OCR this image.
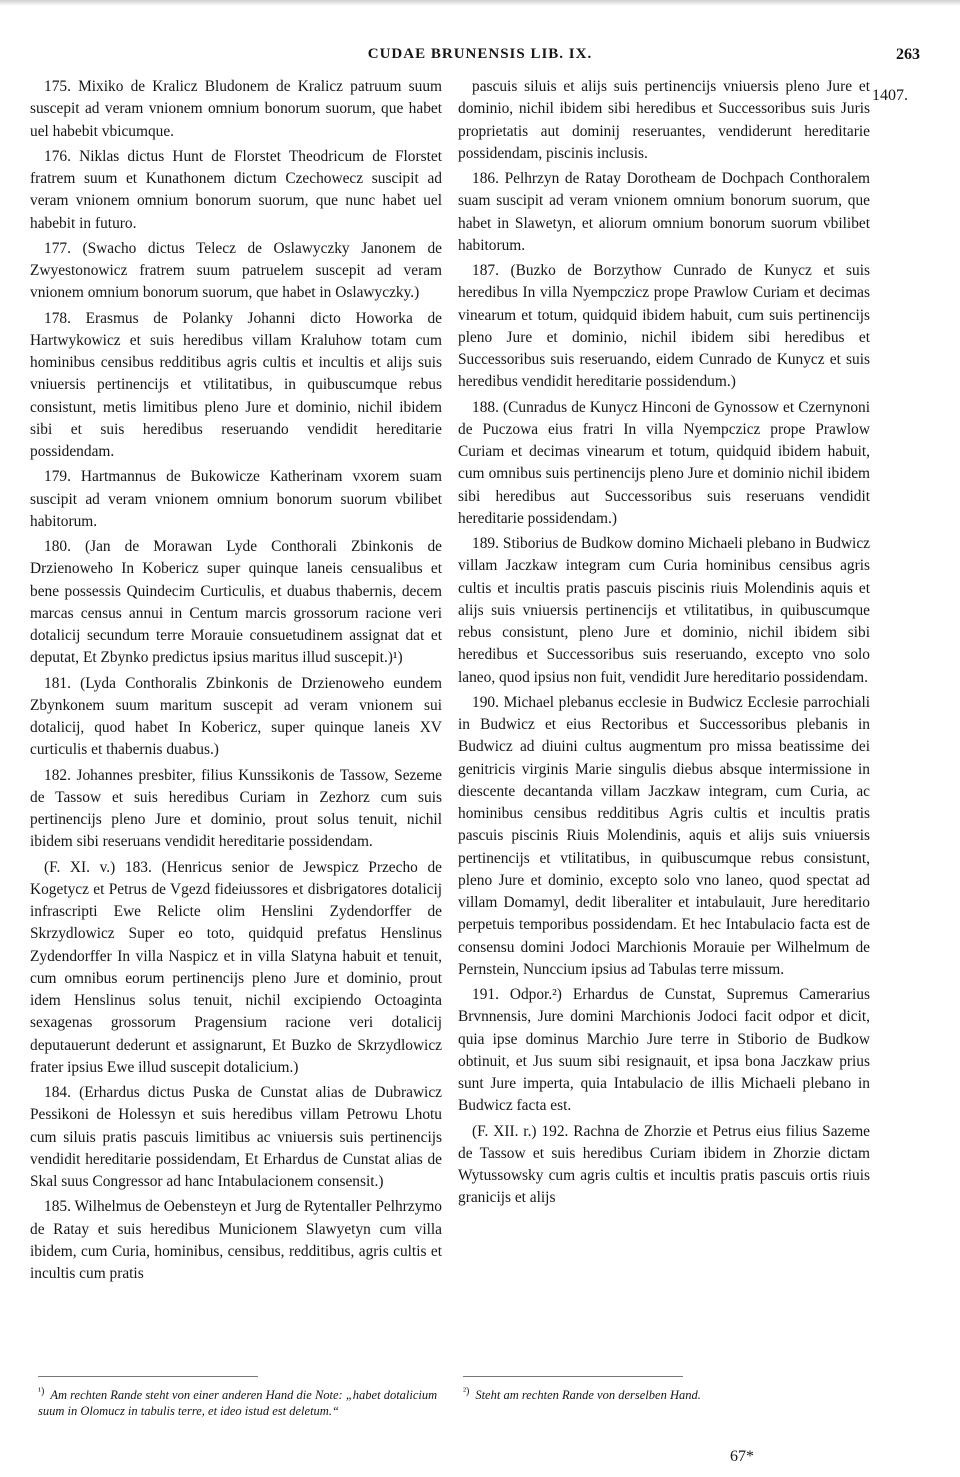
CUDAE BRUNENSIS LIB. IX.	263
1407.

175. Mixiko de Kralicz Bludonem de Kralicz patruum suum suscepit ad veram vnionem omnium bonorum suorum, que habet uel habebit vbicumque.

176. Niklas dictus Hunt de Florstet Theodricum de Florstet fratrem suum et Kunathonem dictum Czechowecz suscipit ad veram vnionem omnium bonorum suorum, que nunc habet uel habebit in futuro.

177. (Swacho dictus Telecz de Oslawyczky Janonem de Zwyestonowicz fratrem suum patruelem suscepit ad veram vnionem omnium bonorum suorum, que habet in Oslawyczky.)

178. Erasmus de Polanky Johanni dicto Howorka de Hartwykowicz et suis heredibus villam Kraluhow totam cum hominibus censibus redditibus agris cultis et incultis et alijs suis vniuersis pertinencijs et vtilitatibus, in quibuscumque rebus consistunt, metis limitibus pleno Jure et dominio, nichil ibidem sibi et suis heredibus reseruando vendidit hereditarie possidendam.

179. Hartmannus de Bukowicze Katherinam vxorem suam suscipit ad veram vnionem omnium bonorum suorum vbilibet habitorum.

180. (Jan de Morawan Lyde Conthorali Zbinkonis de Drzienoweho In Kobericz super quinque laneis censualibus et bene possessis Quindecim Curticulis, et duabus thabernis, decem marcas census annui in Centum marcis grossorum racione veri dotalicij secundum terre Morauie consuetudinem assignat dat et deputat, Et Zbynko predictus ipsius maritus illud suscepit.)¹)

181. (Lyda Conthoralis Zbinkonis de Drzienoweho eundem Zbynkonem suum maritum suscepit ad veram vnionem sui dotalicij, quod habet In Kobericz, super quinque laneis XV curticulis et thabernis duabus.)

182. Johannes presbiter, filius Kunssikonis de Tassow, Sezeme de Tassow et suis heredibus Curiam in Zezhorz cum suis pertinencijs pleno Jure et dominio, prout solus tenuit, nichil ibidem sibi reseruans vendidit hereditarie possidendam.

(F. XI. v.) 183. (Henricus senior de Jewspicz Przecho de Kogetycz et Petrus de Vgezd fideiussores et disbrigatores dotalicij infrascripti Ewe Relicte olim Henslini Zydendorffer de Skrzydlowicz Super eo toto, quidquid prefatus Henslinus Zydendorffer In villa Naspicz et in villa Slatyna habuit et tenuit, cum omnibus eorum pertinencijs pleno Jure et dominio, prout idem Henslinus solus tenuit, nichil excipiendo Octoaginta sexagenas grossorum Pragensium racione veri dotalicij deputauerunt dederunt et assignarunt, Et Buzko de Skrzydlowicz frater ipsius Ewe illud suscepit dotalicium.)

184. (Erhardus dictus Puska de Cunstat alias de Dubrawicz Pessikoni de Holessyn et suis heredibus villam Petrowu Lhotu cum siluis pratis pascuis limitibus ac vniuersis suis pertinencijs vendidit hereditarie possidendam, Et Erhardus de Cunstat alias de Skal suus Congressor ad hanc Intabulacionem consensit.)

185. Wilhelmus de Oebensteyn et Jurg de Rytentaller Pelhrzymo de Ratay et suis heredibus Municionem Slawyetyn cum villa ibidem, cum Curia, hominibus, censibus, redditibus, agris cultis et incultis cum pratis

pascuis siluis et alijs suis pertinencijs vniuersis pleno Jure et dominio, nichil ibidem sibi heredibus et Successoribus suis Juris proprietatis aut dominij reseruantes, vendiderunt hereditarie possidendam, piscinis inclusis.

186. Pelhrzyn de Ratay Dorotheam de Dochpach Conthoralem suam suscipit ad veram vnionem omnium bonorum suorum, que habet in Slawetyn, et aliorum omnium bonorum suorum vbilibet habitorum.

187. (Buzko de Borzythow Cunrado de Kunycz et suis heredibus In villa Nyempczicz prope Prawlow Curiam et decimas vinearum et totum, quidquid ibidem habuit, cum suis pertinencijs pleno Jure et dominio, nichil ibidem sibi heredibus et Successoribus suis reseruando, eidem Cunrado de Kunycz et suis heredibus vendidit hereditarie possidendum.)

188. (Cunradus de Kunycz Hinconi de Gynossow et Czernynoni de Puczowa eius fratri In villa Nyempczicz prope Prawlow Curiam et decimas vinearum et totum, quidquid ibidem habuit, cum omnibus suis pertinencijs pleno Jure et dominio nichil ibidem sibi heredibus aut Successoribus suis reseruans vendidit hereditarie possidendam.)

189. Stiborius de Budkow domino Michaeli plebano in Budwicz villam Jaczkaw integram cum Curia hominibus censibus agris cultis et incultis pratis pascuis piscinis riuis Molendinis aquis et alijs suis vniuersis pertinencijs et vtilitatibus, in quibuscumque rebus consistunt, pleno Jure et dominio, nichil ibidem sibi heredibus et Successoribus suis reseruando, excepto vno solo laneo, quod ipsius non fuit, vendidit Jure hereditario possidendam.

190. Michael plebanus ecclesie in Budwicz Ecclesie parrochiali in Budwicz et eius Rectoribus et Successoribus plebanis in Budwicz ad diuini cultus augmentum pro missa beatissime dei genitricis virginis Marie singulis diebus absque intermissione in diescente decantanda villam Jaczkaw integram, cum Curia, ac hominibus censibus redditibus Agris cultis et incultis pratis pascuis piscinis Riuis Molendinis, aquis et alijs suis vniuersis pertinencijs et vtilitatibus, in quibuscumque rebus consistunt, pleno Jure et dominio, excepto solo vno laneo, quod spectat ad villam Domamyl, dedit liberaliter et intabulauit, Jure hereditario perpetuis temporibus possidendam. Et hec Intabulacio facta est de consensu domini Jodoci Marchionis Morauie per Wilhelmum de Pernstein, Nunccium ipsius ad Tabulas terre missum.

191. Odpor.²) Erhardus de Cunstat, Supremus Camerarius Brvnnensis, Jure domini Marchionis Jodoci facit odpor et dicit, quia ipse dominus Marchio Jure terre in Stiborio de Budkow obtinuit, et Jus suum sibi resignauit, et ipsa bona Jaczkaw prius sunt Jure imperta, quia Intabulacio de illis Michaeli plebano in Budwicz facta est.

(F. XII. r.) 192. Rachna de Zhorzie et Petrus eius filius Sazeme de Tassow et suis heredibus Curiam ibidem in Zhorzie dictam Wytussowsky cum agris cultis et incultis pratis pascuis ortis riuis granicijs et alijs

$^{^1)}$ Am rechten Rande steht von einer anderen Hand die Note: „habet dotalicium suum in Olomucz in tabulis terre, et ideo istud est deletum.“
$^{^2)}$ Steht am rechten Rande von derselben Hand.
67*
